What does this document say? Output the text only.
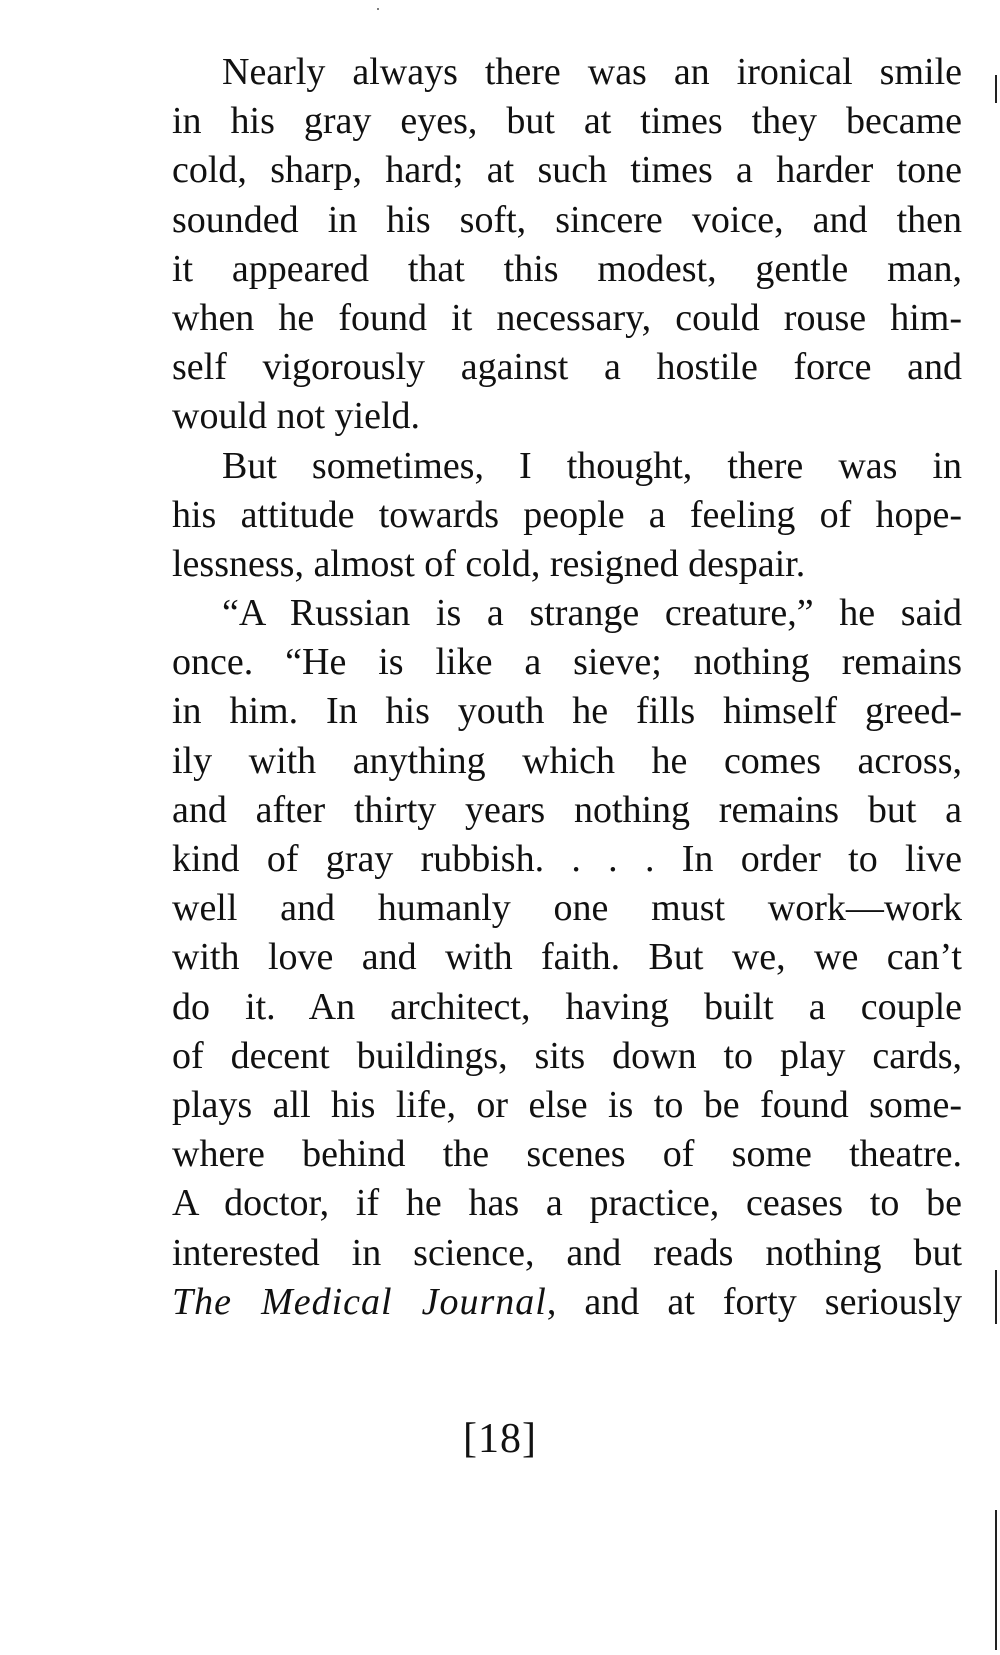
Nearly always there was an ironical smile
in his gray eyes, but at times they became
cold, sharp, hard; at such times a harder tone
sounded in his soft, sincere voice, and then
it appeared that this modest, gentle man,
when he found it necessary, could rouse him-
self vigorously against a hostile force and
would not yield.
But sometimes, I thought, there was in
his attitude towards people a feeling of hope-
lessness, almost of cold, resigned despair.
“A Russian is a strange creature,” he said
once. “He is like a sieve; nothing remains
in him. In his youth he fills himself greed-
ily with anything which he comes across,
and after thirty years nothing remains but a
kind of gray rubbish. . . . In order to live
well and humanly one must work—work
with love and with faith. But we, we can’t
do it. An architect, having built a couple
of decent buildings, sits down to play cards,
plays all his life, or else is to be found some-
where behind the scenes of some theatre.
A doctor, if he has a practice, ceases to be
interested in science, and reads nothing but
The Medical Journal, and at forty seriously
[18]
